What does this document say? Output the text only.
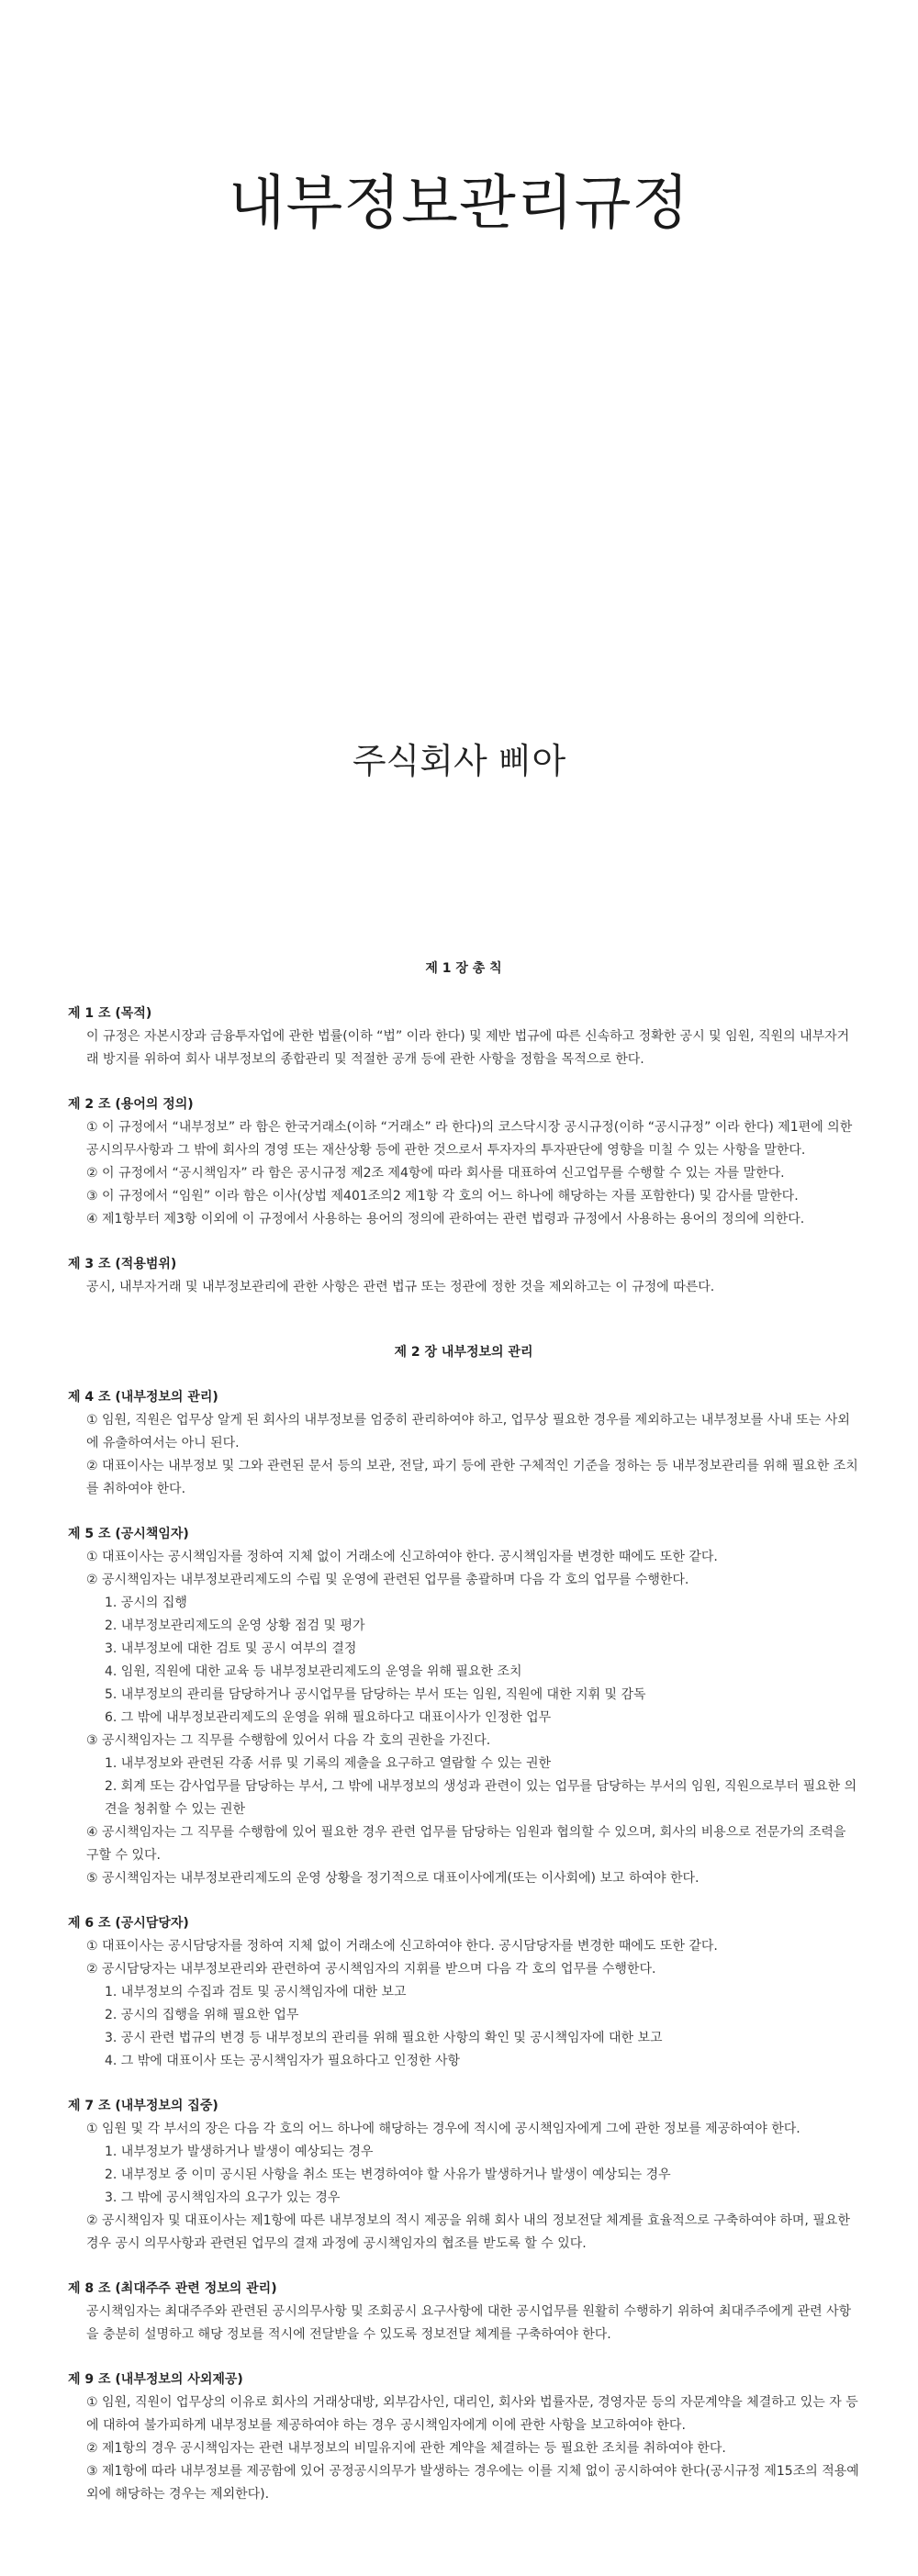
내부정보관리규정
주식회사 삐아
제 1 장 총 칙
제 1 조 (목적)
이 규정은 자본시장과 금융투자업에 관한 법률(이하 “법” 이라 한다) 및 제반 법규에 따른 신속하고 정확한 공시 및 임원, 직원의 내부자거래 방지를 위하여 회사 내부정보의 종합관리 및 적절한 공개 등에 관한 사항을 정함을 목적으로 한다.
제 2 조 (용어의 정의)
① 이 규정에서 “내부정보” 라 함은 한국거래소(이하 “거래소” 라 한다)의 코스닥시장 공시규정(이하 “공시규정” 이라 한다) 제1편에 의한 공시의무사항과 그 밖에 회사의 경영 또는 재산상황 등에 관한 것으로서 투자자의 투자판단에 영향을 미칠 수 있는 사항을 말한다.
② 이 규정에서 “공시책임자” 라 함은 공시규정 제2조 제4항에 따라 회사를 대표하여 신고업무를 수행할 수 있는 자를 말한다.
③ 이 규정에서 “임원” 이라 함은 이사(상법 제401조의2 제1항 각 호의 어느 하나에 해당하는 자를 포함한다) 및 감사를 말한다.
④ 제1항부터 제3항 이외에 이 규정에서 사용하는 용어의 정의에 관하여는 관련 법령과 규정에서 사용하는 용어의 정의에 의한다.
제 3 조 (적용범위)
공시, 내부자거래 및 내부정보관리에 관한 사항은 관련 법규 또는 정관에 정한 것을 제외하고는 이 규정에 따른다.
제 2 장 내부정보의 관리
제 4 조 (내부정보의 관리)
① 임원, 직원은 업무상 알게 된 회사의 내부정보를 엄중히 관리하여야 하고, 업무상 필요한 경우를 제외하고는 내부정보를 사내 또는 사외에 유출하여서는 아니 된다.
② 대표이사는 내부정보 및 그와 관련된 문서 등의 보관, 전달, 파기 등에 관한 구체적인 기준을 정하는 등 내부정보관리를 위해 필요한 조치를 취하여야 한다.
제 5 조 (공시책임자)
① 대표이사는 공시책임자를 정하여 지체 없이 거래소에 신고하여야 한다. 공시책임자를 변경한 때에도 또한 같다.
② 공시책임자는 내부정보관리제도의 수립 및 운영에 관련된 업무를 총괄하며 다음 각 호의 업무를 수행한다.
1. 공시의 집행
2. 내부정보관리제도의 운영 상황 점검 및 평가
3. 내부정보에 대한 검토 및 공시 여부의 결정
4. 임원, 직원에 대한 교육 등 내부정보관리제도의 운영을 위해 필요한 조치
5. 내부정보의 관리를 담당하거나 공시업무를 담당하는 부서 또는 임원, 직원에 대한 지휘 및 감독
6. 그 밖에 내부정보관리제도의 운영을 위해 필요하다고 대표이사가 인정한 업무
③ 공시책임자는 그 직무를 수행함에 있어서 다음 각 호의 권한을 가진다.
1. 내부정보와 관련된 각종 서류 및 기록의 제출을 요구하고 열람할 수 있는 권한
2. 회계 또는 감사업무를 담당하는 부서, 그 밖에 내부정보의 생성과 관련이 있는 업무를 담당하는 부서의 임원, 직원으로부터 필요한 의견을 청취할 수 있는 권한
④ 공시책임자는 그 직무를 수행함에 있어 필요한 경우 관련 업무를 담당하는 임원과 협의할 수 있으며, 회사의 비용으로 전문가의 조력을 구할 수 있다.
⑤ 공시책임자는 내부정보관리제도의 운영 상황을 정기적으로 대표이사에게(또는 이사회에) 보고 하여야 한다.
제 6 조 (공시담당자)
① 대표이사는 공시담당자를 정하여 지체 없이 거래소에 신고하여야 한다. 공시담당자를 변경한 때에도 또한 같다.
② 공시담당자는 내부정보관리와 관련하여 공시책임자의 지휘를 받으며 다음 각 호의 업무를 수행한다.
1. 내부정보의 수집과 검토 및 공시책임자에 대한 보고
2. 공시의 집행을 위해 필요한 업무
3. 공시 관련 법규의 변경 등 내부정보의 관리를 위해 필요한 사항의 확인 및 공시책임자에 대한 보고
4. 그 밖에 대표이사 또는 공시책임자가 필요하다고 인정한 사항
제 7 조 (내부정보의 집중)
① 임원 및 각 부서의 장은 다음 각 호의 어느 하나에 해당하는 경우에 적시에 공시책임자에게 그에 관한 정보를 제공하여야 한다.
1. 내부정보가 발생하거나 발생이 예상되는 경우
2. 내부정보 중 이미 공시된 사항을 취소 또는 변경하여야 할 사유가 발생하거나 발생이 예상되는 경우
3. 그 밖에 공시책임자의 요구가 있는 경우
② 공시책임자 및 대표이사는 제1항에 따른 내부정보의 적시 제공을 위해 회사 내의 정보전달 체계를 효율적으로 구축하여야 하며, 필요한 경우 공시 의무사항과 관련된 업무의 결재 과정에 공시책임자의 협조를 받도록 할 수 있다.
제 8 조 (최대주주 관련 정보의 관리)
공시책임자는 최대주주와 관련된 공시의무사항 및 조회공시 요구사항에 대한 공시업무를 원활히 수행하기 위하여 최대주주에게 관련 사항을 충분히 설명하고 해당 정보를 적시에 전달받을 수 있도록 정보전달 체계를 구축하여야 한다.
제 9 조 (내부정보의 사외제공)
① 임원, 직원이 업무상의 이유로 회사의 거래상대방, 외부감사인, 대리인, 회사와 법률자문, 경영자문 등의 자문계약을 체결하고 있는 자 등에 대하여 불가피하게 내부정보를 제공하여야 하는 경우 공시책임자에게 이에 관한 사항을 보고하여야 한다.
② 제1항의 경우 공시책임자는 관련 내부정보의 비밀유지에 관한 계약을 체결하는 등 필요한 조치를 취하여야 한다.
③ 제1항에 따라 내부정보를 제공함에 있어 공정공시의무가 발생하는 경우에는 이를 지체 없이 공시하여야 한다(공시규정 제15조의 적용예외에 해당하는 경우는 제외한다).
